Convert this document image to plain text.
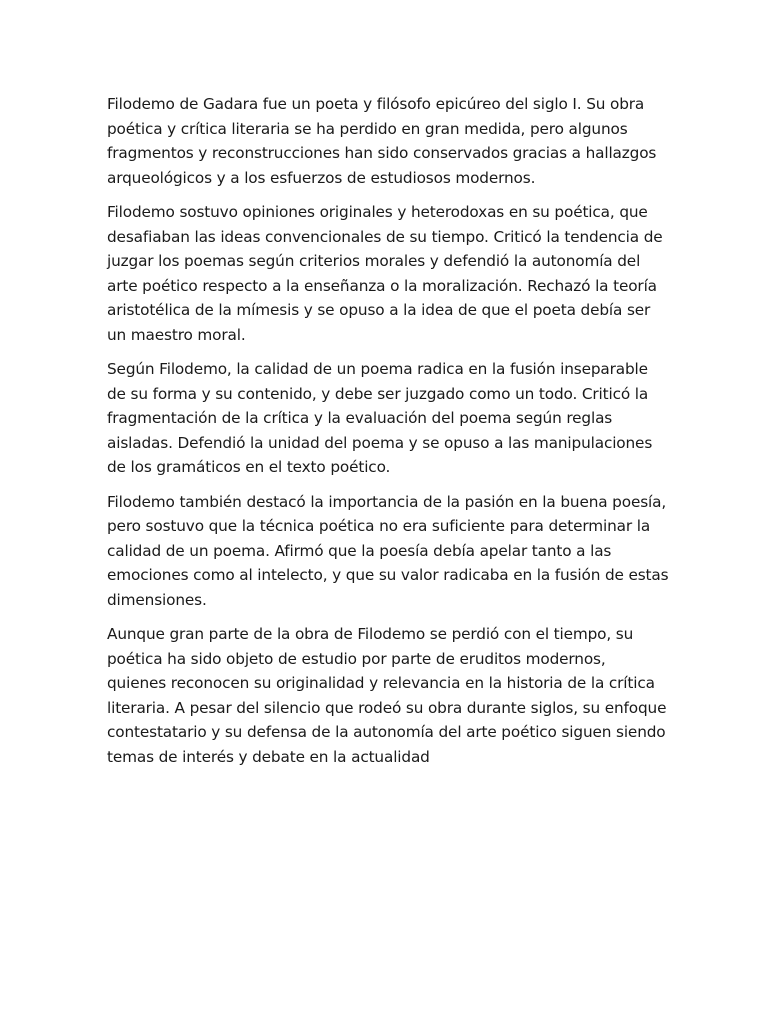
Filodemo de Gadara fue un poeta y filósofo epicúreo del siglo I. Su obra poética y crítica literaria se ha perdido en gran medida, pero algunos fragmentos y reconstrucciones han sido conservados gracias a hallazgos arqueológicos y a los esfuerzos de estudiosos modernos.

Filodemo sostuvo opiniones originales y heterodoxas en su poética, que desafiaban las ideas convencionales de su tiempo. Criticó la tendencia de juzgar los poemas según criterios morales y defendió la autonomía del arte poético respecto a la enseñanza o la moralización. Rechazó la teoría aristotélica de la mímesis y se opuso a la idea de que el poeta debía ser un maestro moral.

Según Filodemo, la calidad de un poema radica en la fusión inseparable de su forma y su contenido, y debe ser juzgado como un todo. Criticó la fragmentación de la crítica y la evaluación del poema según reglas aisladas. Defendió la unidad del poema y se opuso a las manipulaciones de los gramáticos en el texto poético.

Filodemo también destacó la importancia de la pasión en la buena poesía, pero sostuvo que la técnica poética no era suficiente para determinar la calidad de un poema. Afirmó que la poesía debía apelar tanto a las emociones como al intelecto, y que su valor radicaba en la fusión de estas dimensiones.

Aunque gran parte de la obra de Filodemo se perdió con el tiempo, su poética ha sido objeto de estudio por parte de eruditos modernos, quienes reconocen su originalidad y relevancia en la historia de la crítica literaria. A pesar del silencio que rodeó su obra durante siglos, su enfoque contestatario y su defensa de la autonomía del arte poético siguen siendo temas de interés y debate en la actualidad
